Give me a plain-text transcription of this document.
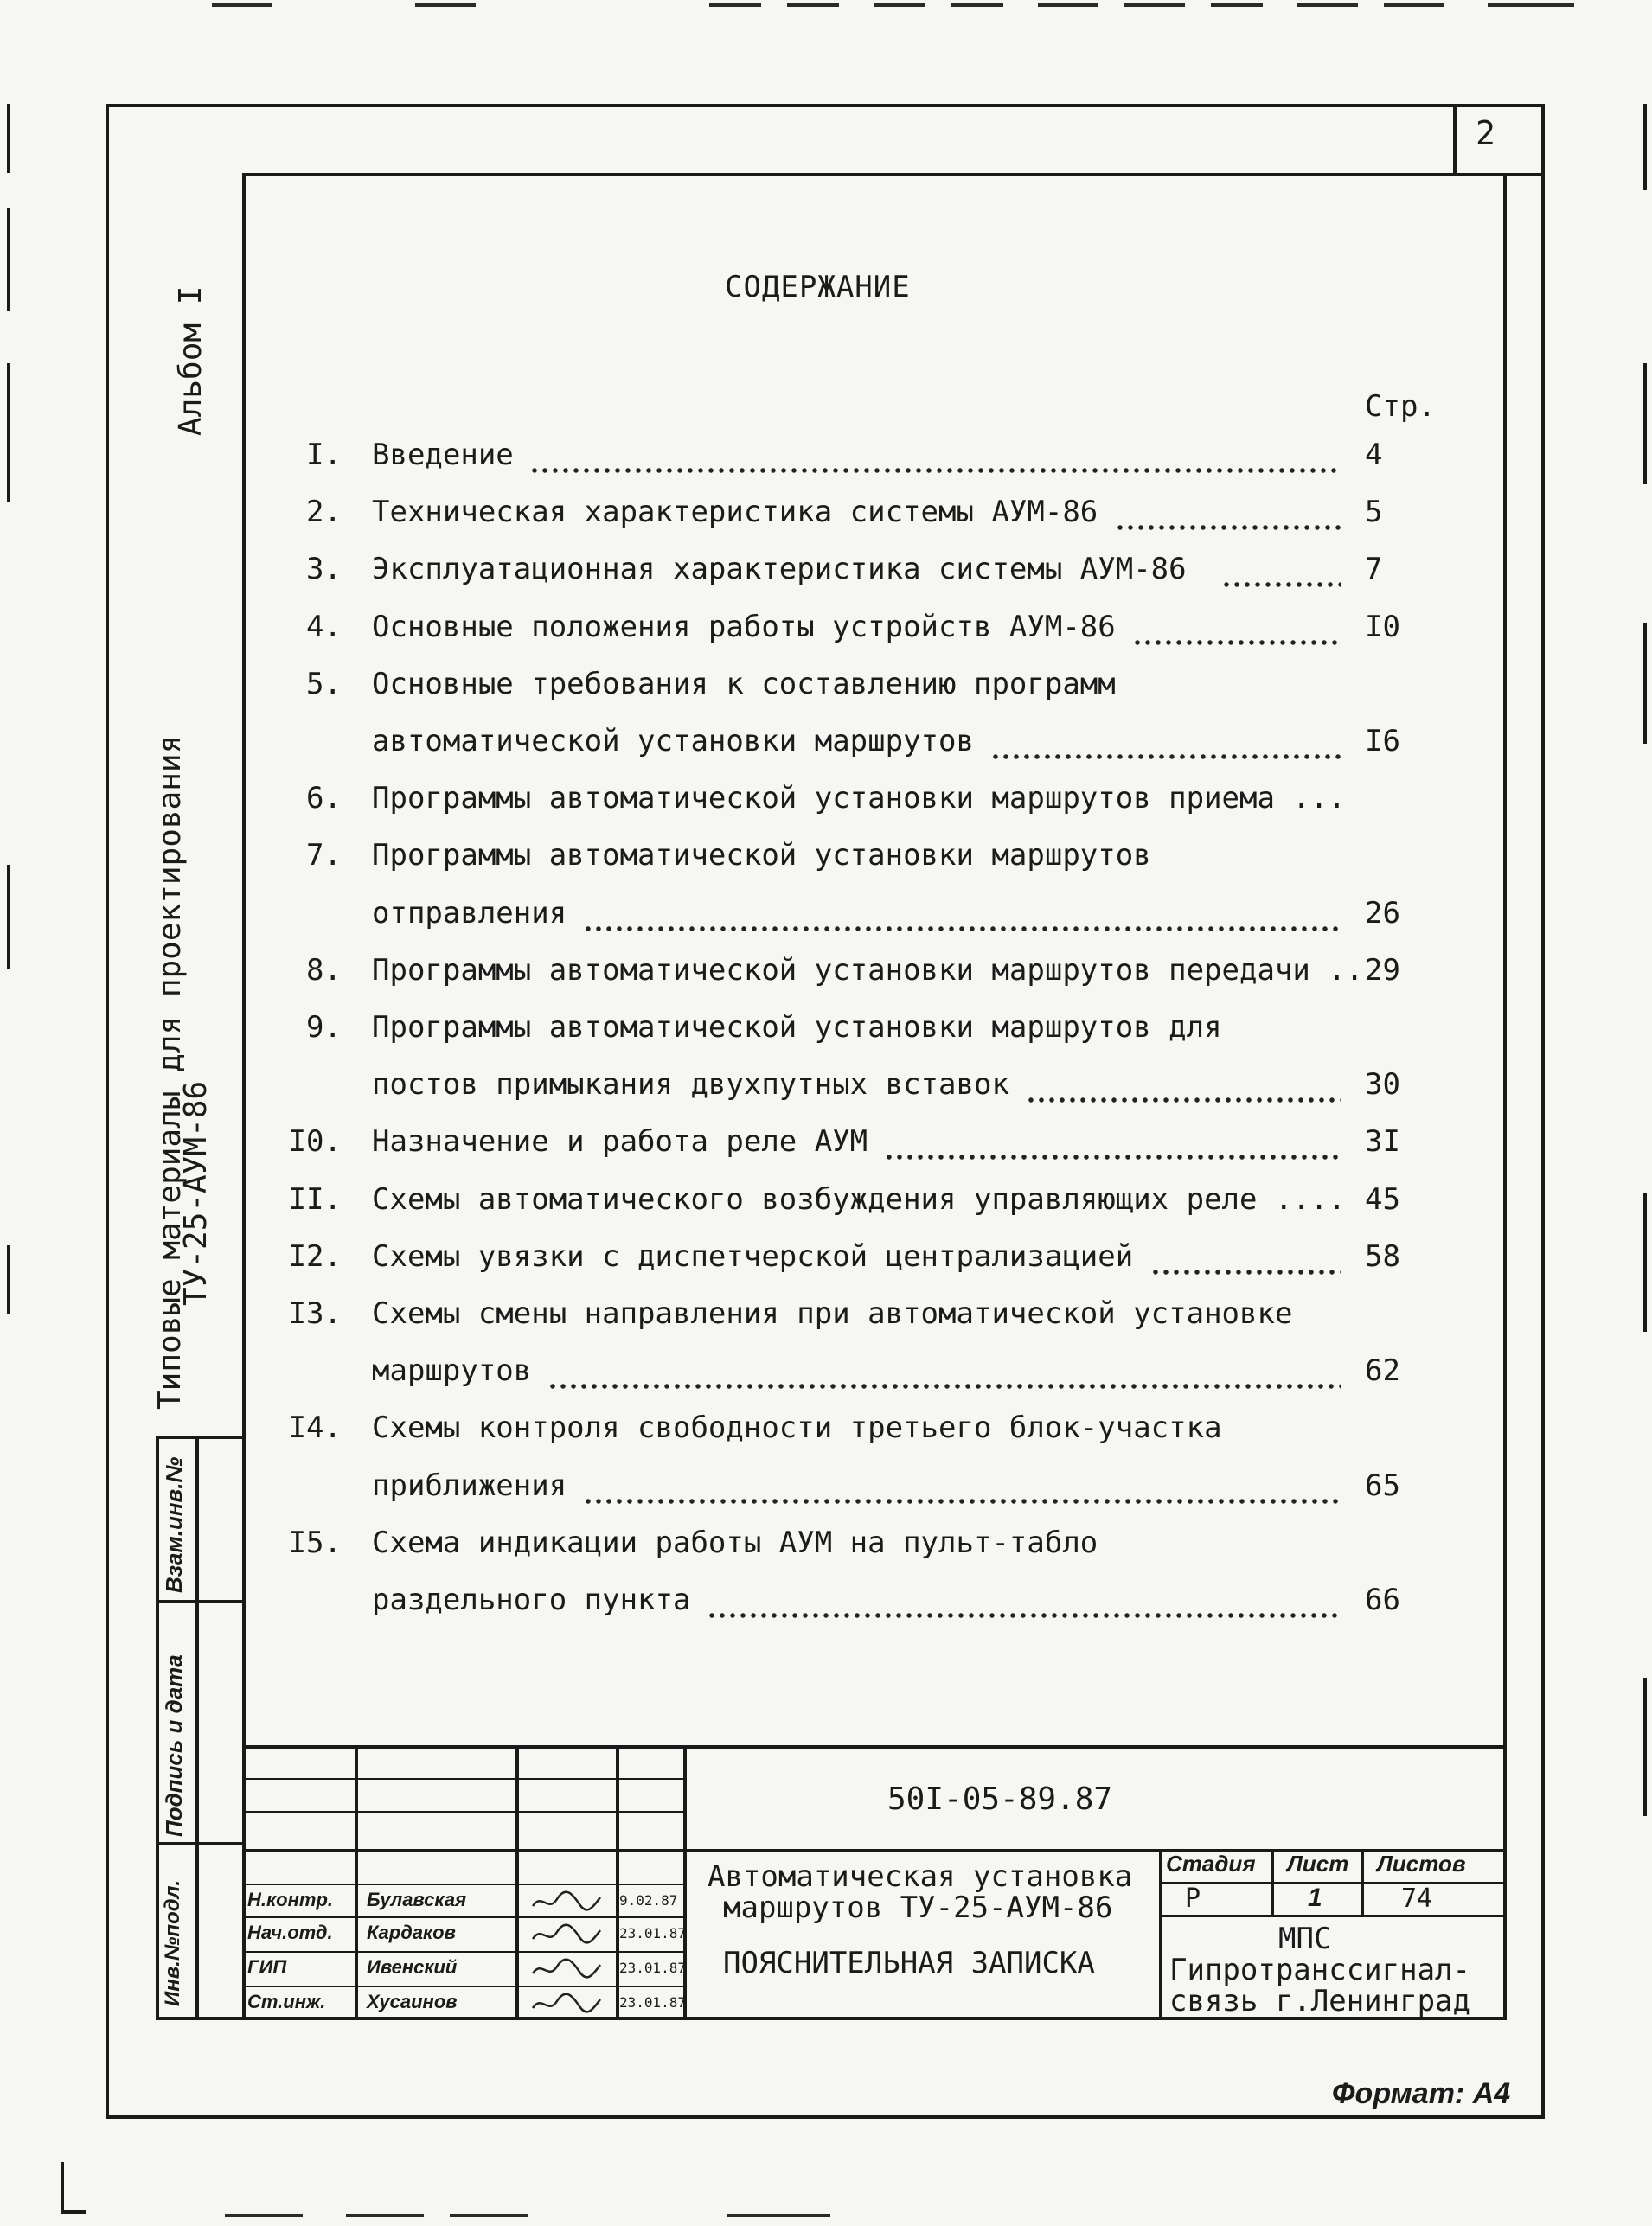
2
Альбом I
Типовые материалы для проектирования
ТУ-25-АУМ-86
Взам.инв.№
Подпись и дата
Инв.№подл.
СОДЕРЖАНИЕ
Стр.
I. Введение	4
2. Техническая характеристика системы АУМ-86	5
3. Эксплуатационная характеристика системы АУМ-86	7
4. Основные положения работы устройств АУМ-86	I0
5. Основные требования к составлению программ
автоматической установки маршрутов	I6
6. Программы автоматической установки маршрутов приема ...
7. Программы автоматической установки маршрутов
отправления	26
8. Программы автоматической установки маршрутов передачи .. 29
9. Программы автоматической установки маршрутов для
постов примыкания двухпутных вставок	30
I0. Назначение и работа реле АУМ	3I
II. Схемы автоматического возбуждения управляющих реле .... 45
I2. Схемы увязки с диспетчерской централизацией	58
I3. Схемы смены направления при автоматической установке
маршрутов	62
I4. Схемы контроля свободности третьего блок-участка
приближения	65
I5. Схема индикации работы АУМ на пульт-табло
раздельного пункта	66
50I-05-89.87
Автоматическая установка
маршрутов ТУ-25-АУМ-86
ПОЯСНИТЕЛЬНАЯ ЗАПИСКА
Стадия Лист Листов
Р	1	74
МПС
Гипротранссигнал-
связь г.Ленинград
Н.контр. Булавская	9.02.87
Нач.отд. Кардаков	23.01.87
ГИП	Ивенский	23.01.87
Ст.инж. Хусаинов	23.01.87
Формат: А4
